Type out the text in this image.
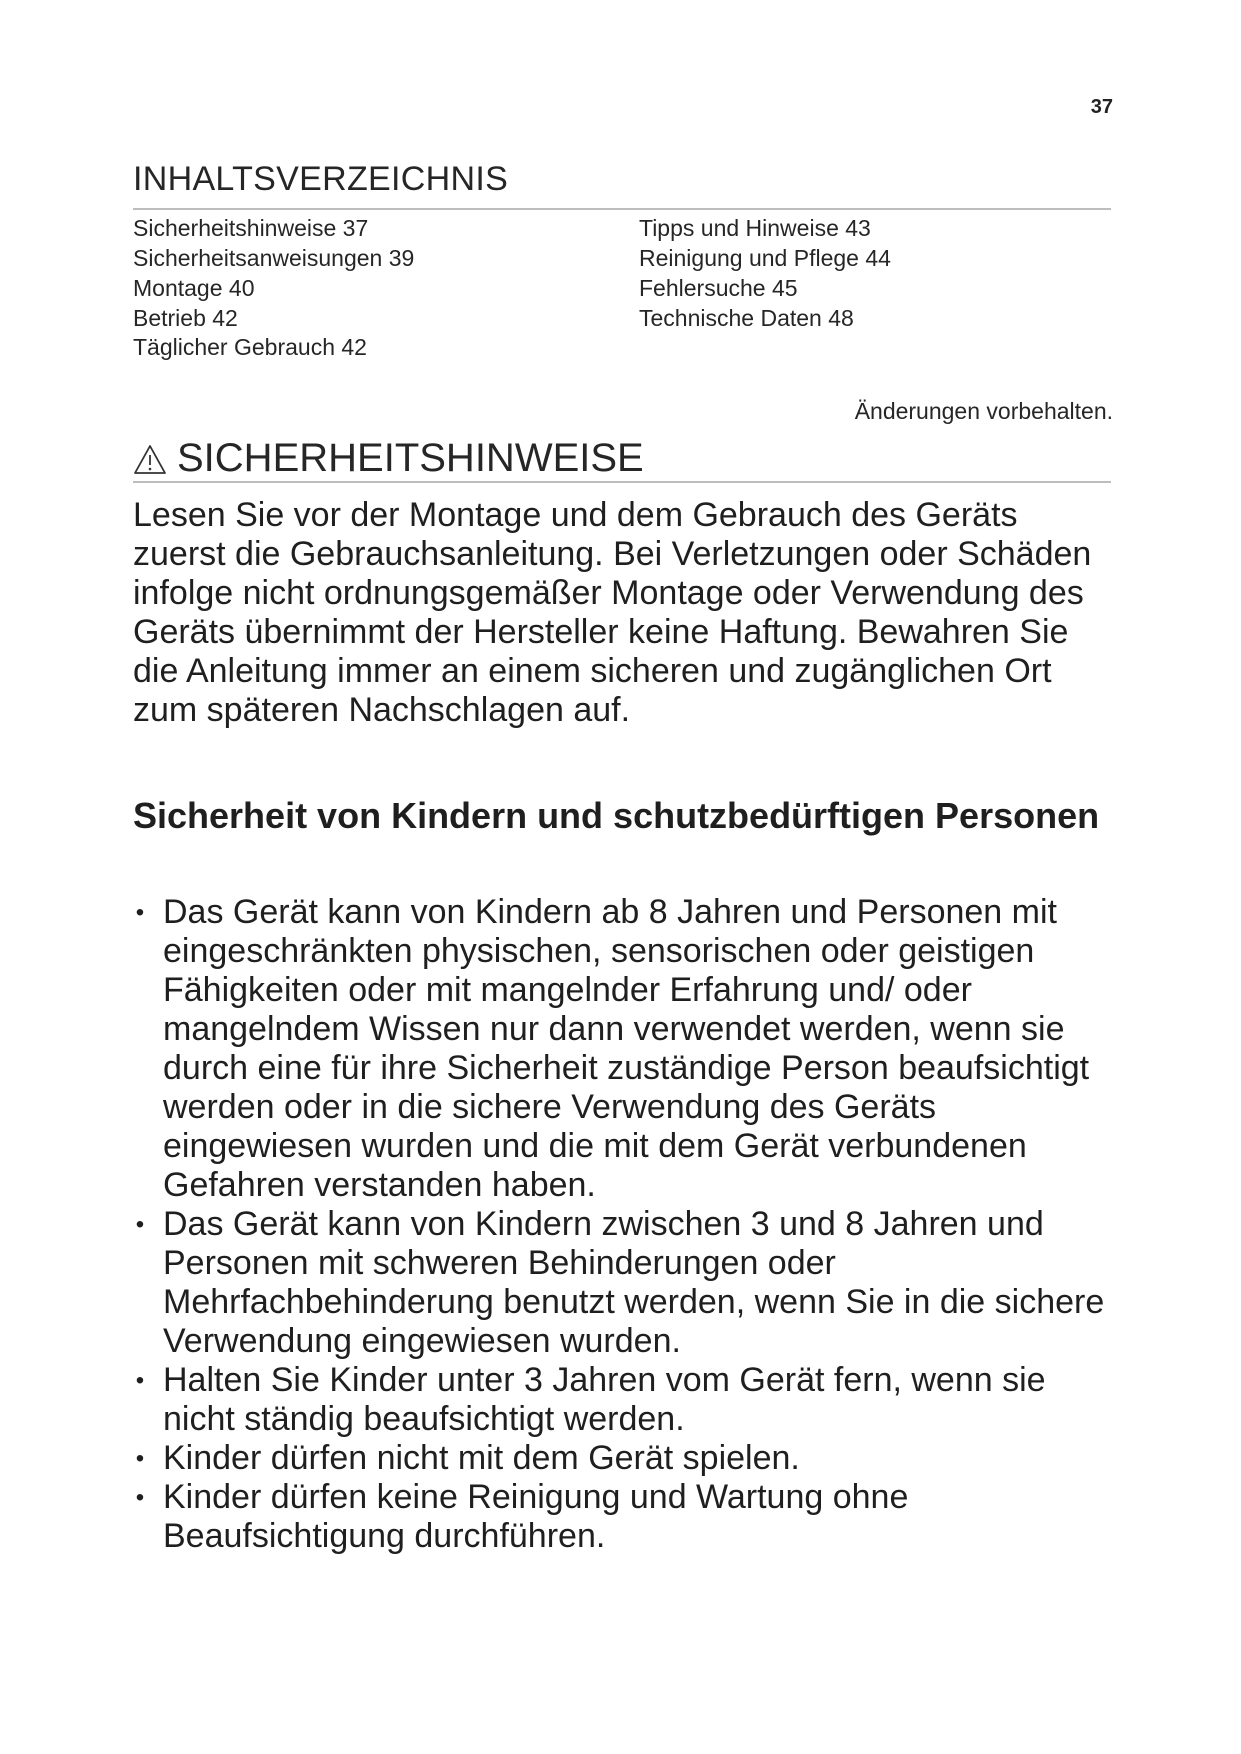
37
INHALTSVERZEICHNIS
Sicherheitshinweise 37
Sicherheitsanweisungen 39
Montage 40
Betrieb 42
Täglicher Gebrauch 42
Tipps und Hinweise 43
Reinigung und Pflege 44
Fehlersuche 45
Technische Daten 48
Änderungen vorbehalten.
SICHERHEITSHINWEISE

Lesen Sie vor der Montage und dem Gebrauch des Geräts zuerst die Gebrauchsanleitung. Bei Verletzungen oder Schäden infolge nicht ordnungsgemäßer Montage oder Verwendung des Geräts übernimmt der Hersteller keine Haftung. Bewahren Sie die Anleitung immer an einem sicheren und zugänglichen Ort zum späteren Nachschlagen auf.

Sicherheit von Kindern und schutzbedürftigen Personen
• Das Gerät kann von Kindern ab 8 Jahren und Personen mit eingeschränkten physischen, sensorischen oder geistigen Fähigkeiten oder mit mangelnder Erfahrung und/ oder mangelndem Wissen nur dann verwendet werden, wenn sie durch eine für ihre Sicherheit zuständige Person beaufsichtigt werden oder in die sichere Verwendung des Geräts eingewiesen wurden und die mit dem Gerät verbundenen Gefahren verstanden haben.
• Das Gerät kann von Kindern zwischen 3 und 8 Jahren und Personen mit schweren Behinderungen oder Mehrfachbehinderung benutzt werden, wenn Sie in die sichere Verwendung eingewiesen wurden.
• Halten Sie Kinder unter 3 Jahren vom Gerät fern, wenn sie nicht ständig beaufsichtigt werden.
• Kinder dürfen nicht mit dem Gerät spielen.
• Kinder dürfen keine Reinigung und Wartung ohne Beaufsichtigung durchführen.
